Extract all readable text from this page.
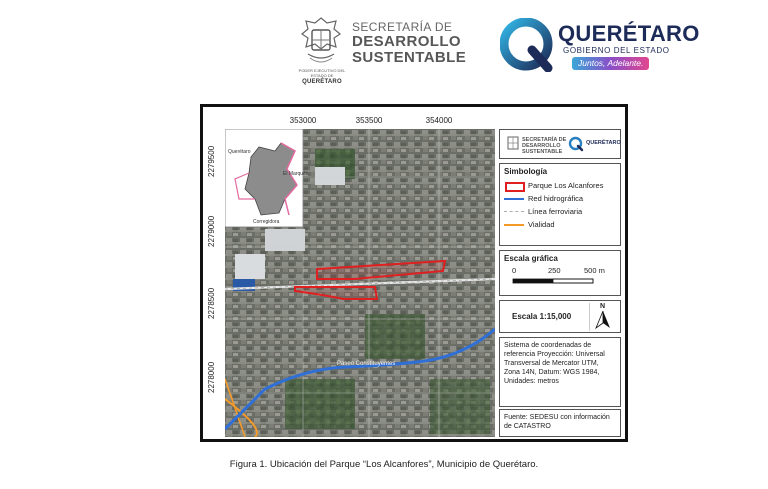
PODER EJECUTIVO DEL ESTADO DE
QUERÉTARO
SECRETARÍA DE
DESARROLLO
SUSTENTABLE
QUERÉTARO
GOBIERNO DEL ESTADO
Juntos, Adelante.
353000	353500	354000
2279500
2279000
2278500
2278000
Querétaro
El Marqués
Corregidora
Paseo Constituyentes
SECRETARÍA DE
DESARROLLO
SUSTENTABLE
QUERÉTARO
Simbología
Parque Los Alcanfores
Red hidrográfica
Línea ferroviaria
Vialidad
Escala gráfica
0	250	500 m
Escala 1:15,000
N
Sistema de coordenadas de referencia Proyección: Universal Transversal de Mercator UTM, Zona 14N, Datum: WGS 1984, Unidades: metros
Fuente: SEDESU con información de CATASTRO
Figura 1. Ubicación del Parque “Los Alcanfores”, Municipio de Querétaro.
